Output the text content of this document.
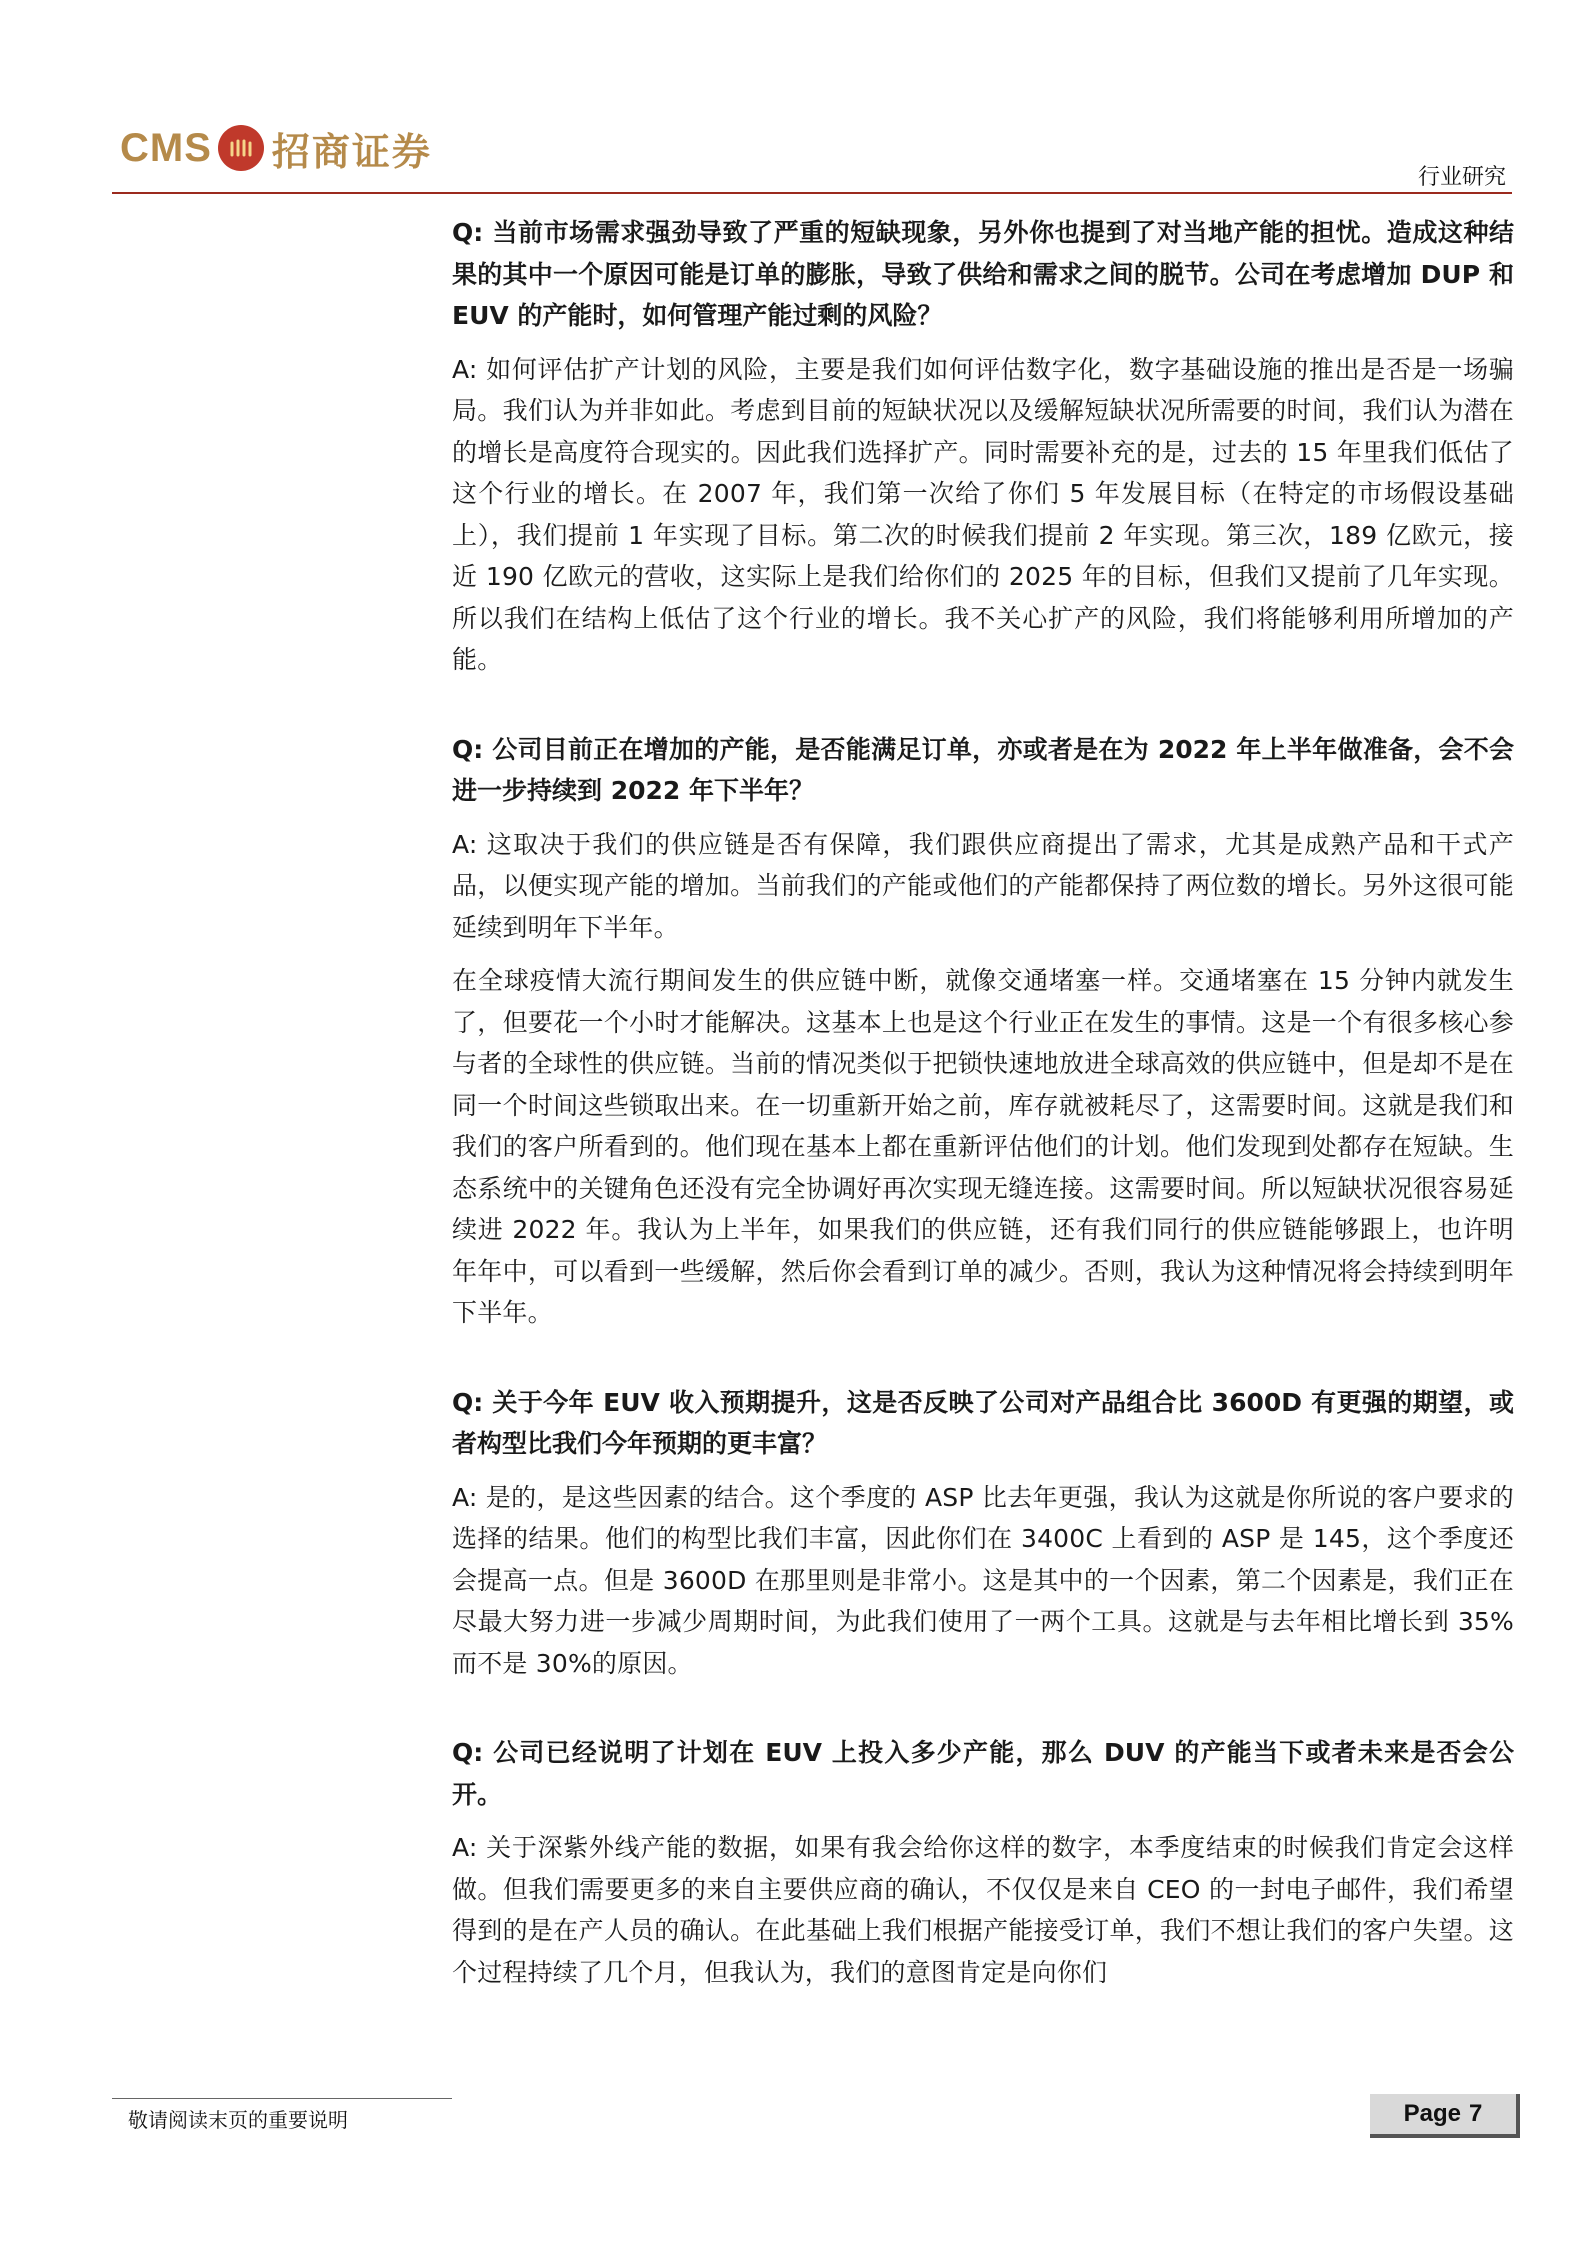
CMS 招商证券
行业研究

Q: 当前市场需求强劲导致了严重的短缺现象，另外你也提到了对当地产能的担忧。造成这种结果的其中一个原因可能是订单的膨胀，导致了供给和需求之间的脱节。公司在考虑增加 DUP 和 EUV 的产能时，如何管理产能过剩的风险？

A: 如何评估扩产计划的风险，主要是我们如何评估数字化，数字基础设施的推出是否是一场骗局。我们认为并非如此。考虑到目前的短缺状况以及缓解短缺状况所需要的时间，我们认为潜在的增长是高度符合现实的。因此我们选择扩产。同时需要补充的是，过去的 15 年里我们低估了这个行业的增长。在 2007 年，我们第一次给了你们 5 年发展目标（在特定的市场假设基础上），我们提前 1 年实现了目标。第二次的时候我们提前 2 年实现。第三次，189 亿欧元，接近 190 亿欧元的营收，这实际上是我们给你们的 2025 年的目标，但我们又提前了几年实现。所以我们在结构上低估了这个行业的增长。我不关心扩产的风险，我们将能够利用所增加的产能。

Q: 公司目前正在增加的产能，是否能满足订单，亦或者是在为 2022 年上半年做准备，会不会进一步持续到 2022 年下半年？

A: 这取决于我们的供应链是否有保障，我们跟供应商提出了需求，尤其是成熟产品和干式产品，以便实现产能的增加。当前我们的产能或他们的产能都保持了两位数的增长。另外这很可能延续到明年下半年。

在全球疫情大流行期间发生的供应链中断，就像交通堵塞一样。交通堵塞在 15 分钟内就发生了，但要花一个小时才能解决。这基本上也是这个行业正在发生的事情。这是一个有很多核心参与者的全球性的供应链。当前的情况类似于把锁快速地放进全球高效的供应链中，但是却不是在同一个时间这些锁取出来。在一切重新开始之前，库存就被耗尽了，这需要时间。这就是我们和我们的客户所看到的。他们现在基本上都在重新评估他们的计划。他们发现到处都存在短缺。生态系统中的关键角色还没有完全协调好再次实现无缝连接。这需要时间。所以短缺状况很容易延续进 2022 年。我认为上半年，如果我们的供应链，还有我们同行的供应链能够跟上，也许明年年中，可以看到一些缓解，然后你会看到订单的减少。否则，我认为这种情况将会持续到明年下半年。

Q: 关于今年 EUV 收入预期提升，这是否反映了公司对产品组合比 3600D 有更强的期望，或者构型比我们今年预期的更丰富？

A: 是的，是这些因素的结合。这个季度的 ASP 比去年更强，我认为这就是你所说的客户要求的选择的结果。他们的构型比我们丰富，因此你们在 3400C 上看到的 ASP 是 145，这个季度还会提高一点。但是 3600D 在那里则是非常小。这是其中的一个因素，第二个因素是，我们正在尽最大努力进一步减少周期时间，为此我们使用了一两个工具。这就是与去年相比增长到 35%而不是 30%的原因。

Q: 公司已经说明了计划在 EUV 上投入多少产能，那么 DUV 的产能当下或者未来是否会公开。

A: 关于深紫外线产能的数据，如果有我会给你这样的数字，本季度结束的时候我们肯定会这样做。但我们需要更多的来自主要供应商的确认，不仅仅是来自 CEO 的一封电子邮件，我们希望得到的是在产人员的确认。在此基础上我们根据产能接受订单，我们不想让我们的客户失望。这个过程持续了几个月，但我认为，我们的意图肯定是向你们

敬请阅读末页的重要说明	Page 7
